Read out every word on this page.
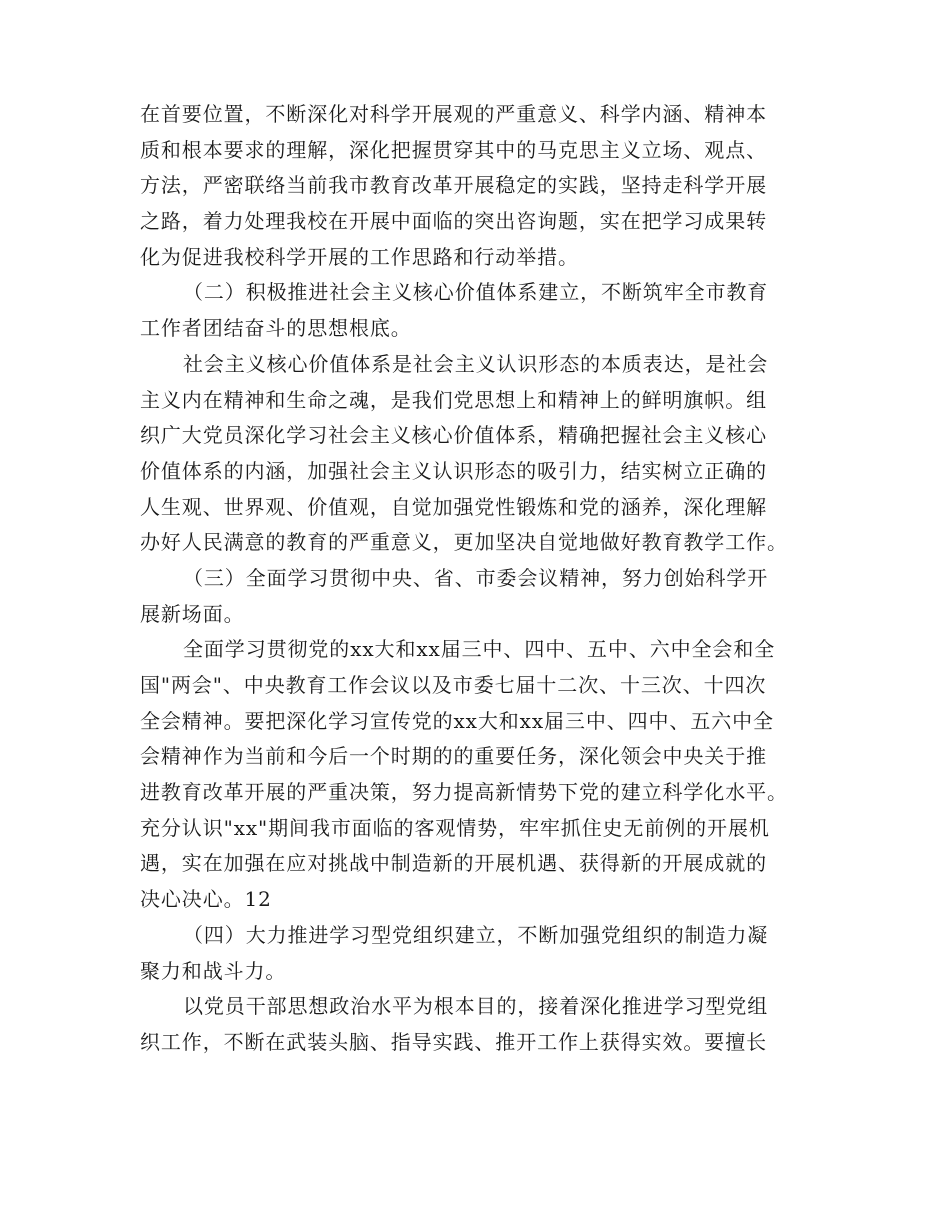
在首要位置，不断深化对科学开展观的严重意义、科学内涵、精神本
质和根本要求的理解，深化把握贯穿其中的马克思主义立场、观点、
方法，严密联络当前我市教育改革开展稳定的实践，坚持走科学开展
之路，着力处理我校在开展中面临的突出咨询题，实在把学习成果转
化为促进我校科学开展的工作思路和行动举措。
（二）积极推进社会主义核心价值体系建立，不断筑牢全市教育
工作者团结奋斗的思想根底。
社会主义核心价值体系是社会主义认识形态的本质表达，是社会
主义内在精神和生命之魂，是我们党思想上和精神上的鲜明旗帜。组
织广大党员深化学习社会主义核心价值体系，精确把握社会主义核心
价值体系的内涵，加强社会主义认识形态的吸引力，结实树立正确的
人生观、世界观、价值观，自觉加强党性锻炼和党的涵养，深化理解
办好人民满意的教育的严重意义，更加坚决自觉地做好教育教学工作。
（三）全面学习贯彻中央、省、市委会议精神，努力创始科学开
展新场面。
全面学习贯彻党的xx大和xx届三中、四中、五中、六中全会和全
国"两会"、中央教育工作会议以及市委七届十二次、十三次、十四次
全会精神。要把深化学习宣传党的xx大和xx届三中、四中、五六中全
会精神作为当前和今后一个时期的的重要任务，深化领会中央关于推
进教育改革开展的严重决策，努力提高新情势下党的建立科学化水平。
充分认识"xx"期间我市面临的客观情势，牢牢抓住史无前例的开展机
遇，实在加强在应对挑战中制造新的开展机遇、获得新的开展成就的
决心决心。12
（四）大力推进学习型党组织建立，不断加强党组织的制造力凝
聚力和战斗力。
以党员干部思想政治水平为根本目的，接着深化推进学习型党组
织工作，不断在武装头脑、指导实践、推开工作上获得实效。要擅长
